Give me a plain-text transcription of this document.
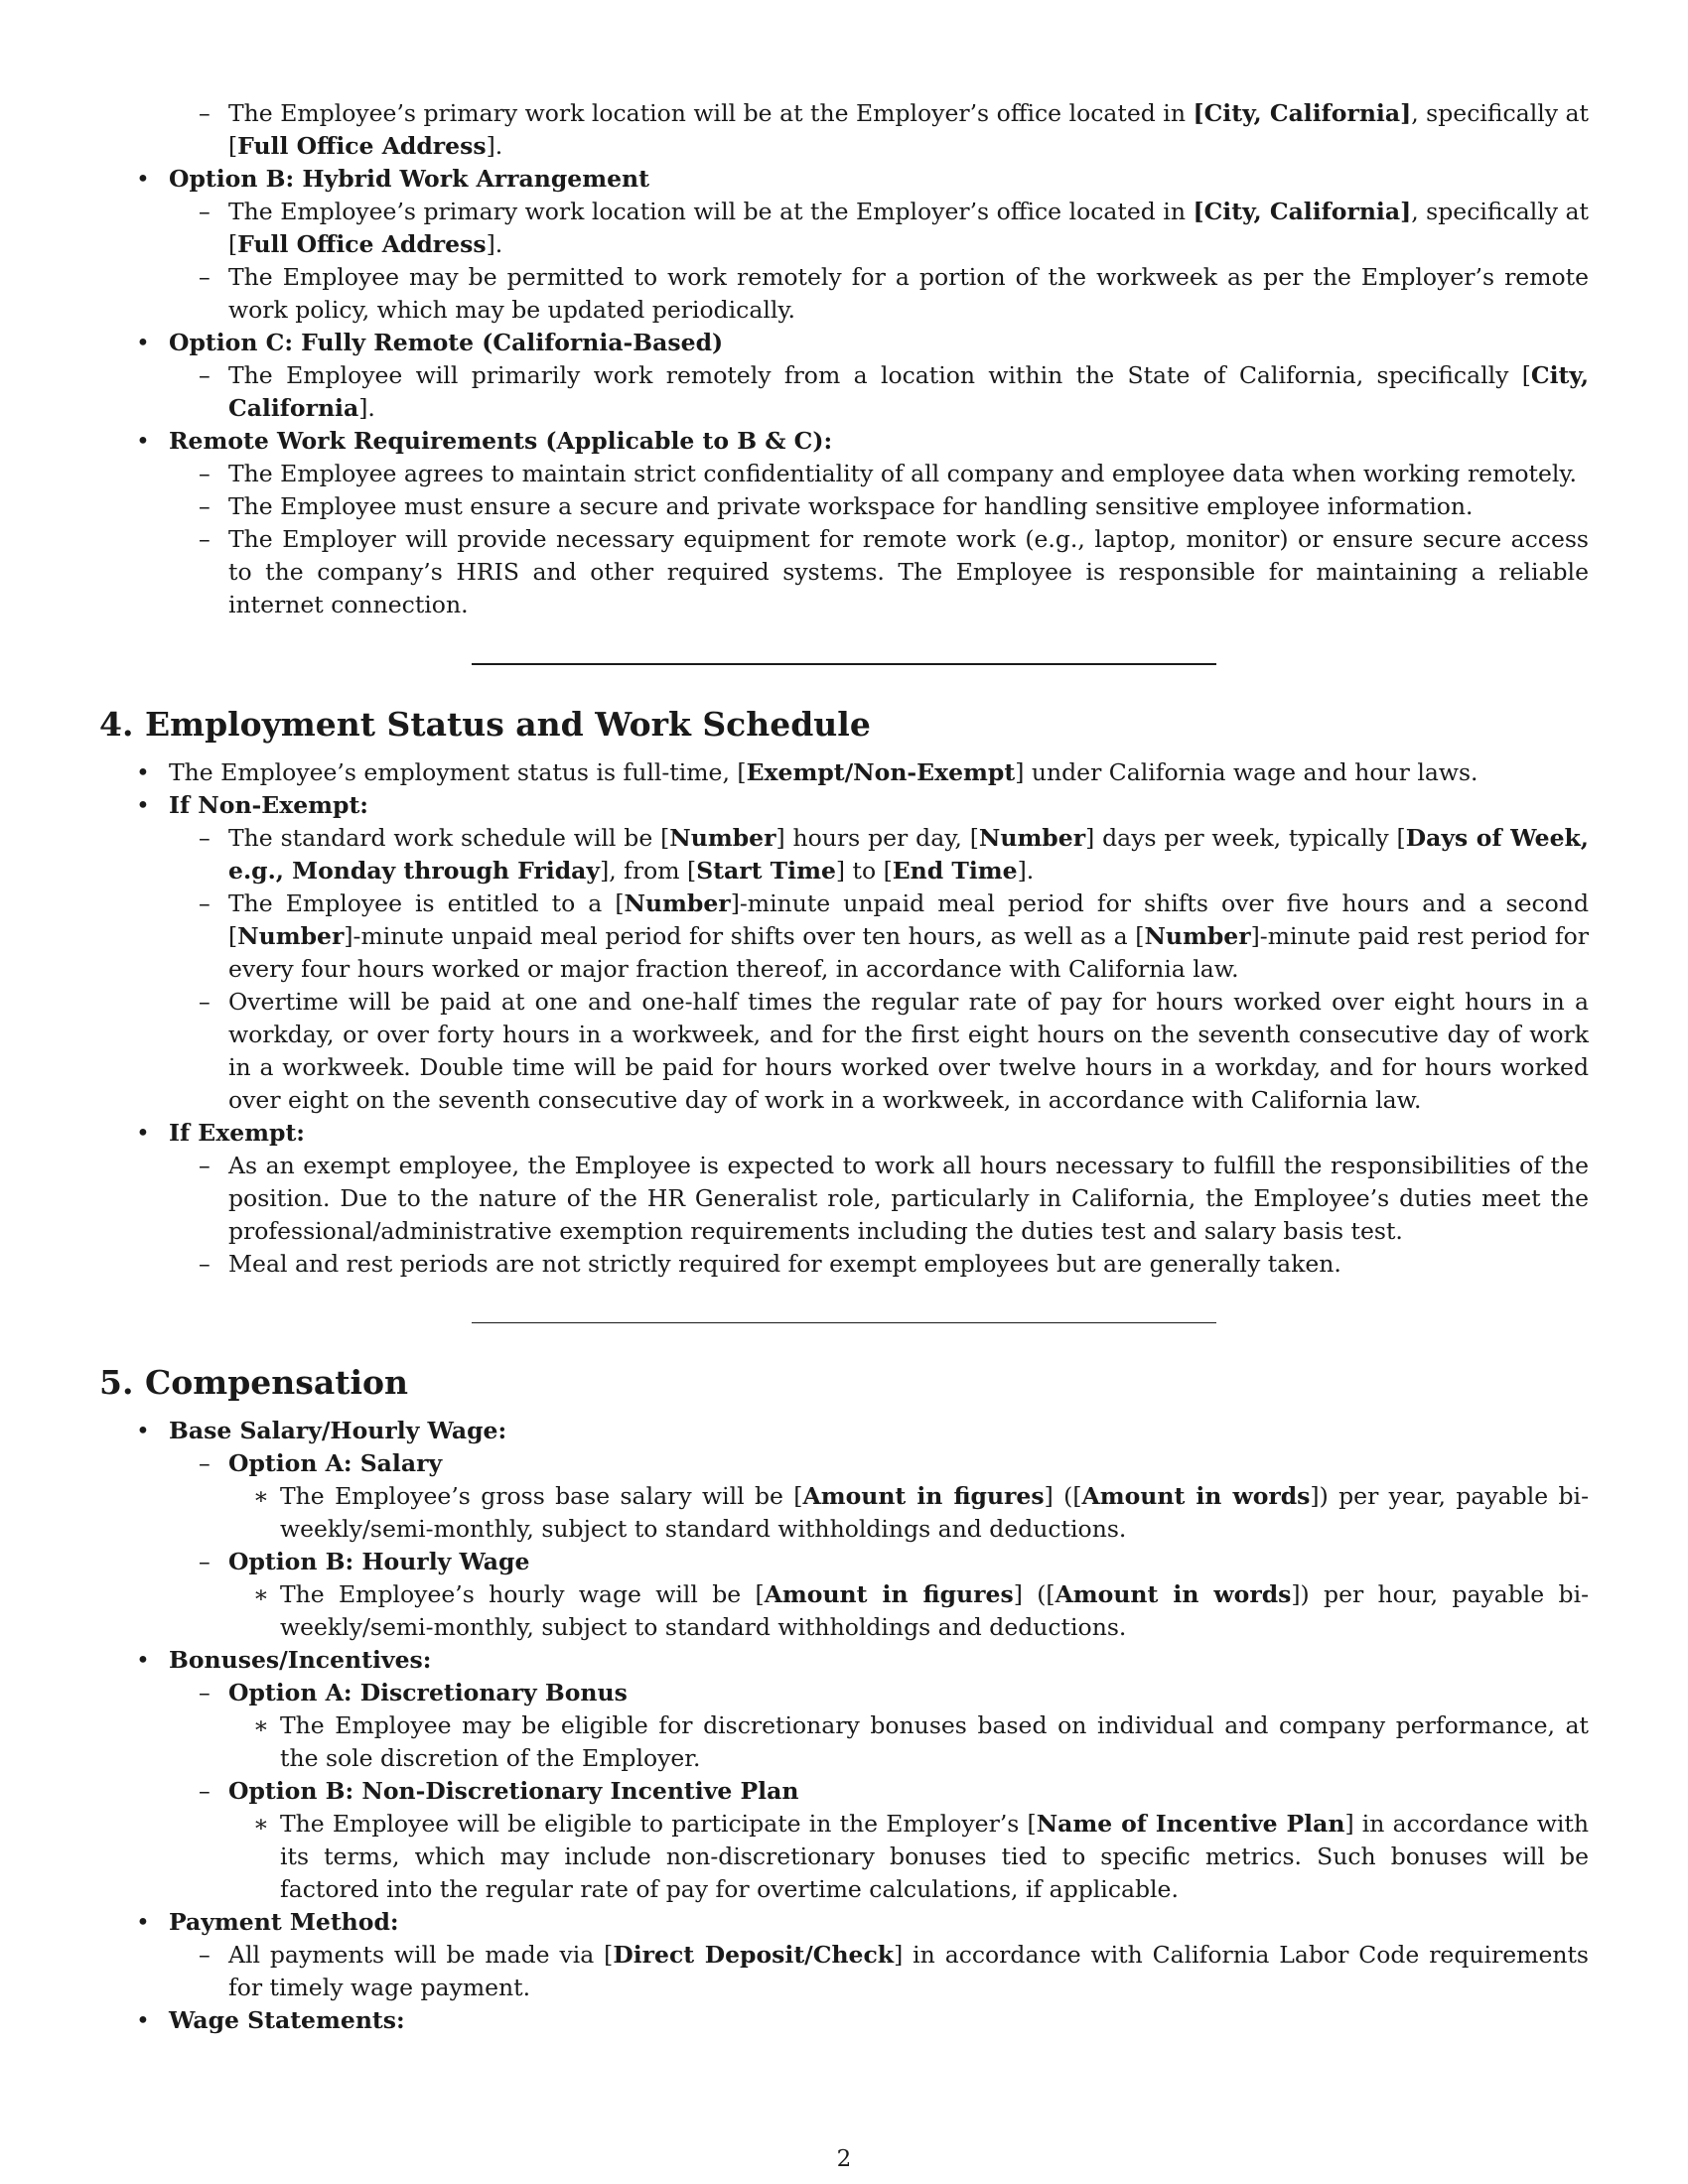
– The Employee’s primary work location will be at the Employer’s office located in [City, California], specifically at [Full Office Address].

• Option B: Hybrid Work Arrangement

– The Employee’s primary work location will be at the Employer’s office located in [City, California], specifically at [Full Office Address].

– The Employee may be permitted to work remotely for a portion of the workweek as per the Employer’s remote work policy, which may be updated periodically.

• Option C: Fully Remote (California-Based)

– The Employee will primarily work remotely from a location within the State of California, specifically [City, California].

• Remote Work Requirements (Applicable to B & C):

– The Employee agrees to maintain strict confidentiality of all company and employee data when working remotely.

– The Employee must ensure a secure and private workspace for handling sensitive employee information.

– The Employer will provide necessary equipment for remote work (e.g., laptop, monitor) or ensure secure access to the company’s HRIS and other required systems. The Employee is responsible for maintaining a reliable internet connection.

4. Employment Status and Work Schedule

• The Employee’s employment status is full-time, [Exempt/Non-Exempt] under California wage and hour laws.

• If Non-Exempt:

– The standard work schedule will be [Number] hours per day, [Number] days per week, typically [Days of Week, e.g., Monday through Friday], from [Start Time] to [End Time].

– The Employee is entitled to a [Number]-minute unpaid meal period for shifts over five hours and a second [Number]-minute unpaid meal period for shifts over ten hours, as well as a [Number]-minute paid rest period for every four hours worked or major fraction thereof, in accordance with California law.

– Overtime will be paid at one and one-half times the regular rate of pay for hours worked over eight hours in a workday, or over forty hours in a workweek, and for the first eight hours on the seventh consecutive day of work in a workweek. Double time will be paid for hours worked over twelve hours in a workday, and for hours worked over eight on the seventh consecutive day of work in a workweek, in accordance with California law.

• If Exempt:

– As an exempt employee, the Employee is expected to work all hours necessary to fulfill the responsibilities of the position. Due to the nature of the HR Generalist role, particularly in California, the Employee’s duties meet the professional/administrative exemption requirements including the duties test and salary basis test.

– Meal and rest periods are not strictly required for exempt employees but are generally taken.

5. Compensation

• Base Salary/Hourly Wage:

– Option A: Salary

∗ The Employee’s gross base salary will be [Amount in figures] ([Amount in words]) per year, payable bi-weekly/semi-monthly, subject to standard withholdings and deductions.

– Option B: Hourly Wage

∗ The Employee’s hourly wage will be [Amount in figures] ([Amount in words]) per hour, payable bi-weekly/semi-monthly, subject to standard withholdings and deductions.

• Bonuses/Incentives:

– Option A: Discretionary Bonus

∗ The Employee may be eligible for discretionary bonuses based on individual and company performance, at the sole discretion of the Employer.

– Option B: Non-Discretionary Incentive Plan

∗ The Employee will be eligible to participate in the Employer’s [Name of Incentive Plan] in accordance with its terms, which may include non-discretionary bonuses tied to specific metrics. Such bonuses will be factored into the regular rate of pay for overtime calculations, if applicable.

• Payment Method:

– All payments will be made via [Direct Deposit/Check] in accordance with California Labor Code requirements for timely wage payment.

• Wage Statements:

2
